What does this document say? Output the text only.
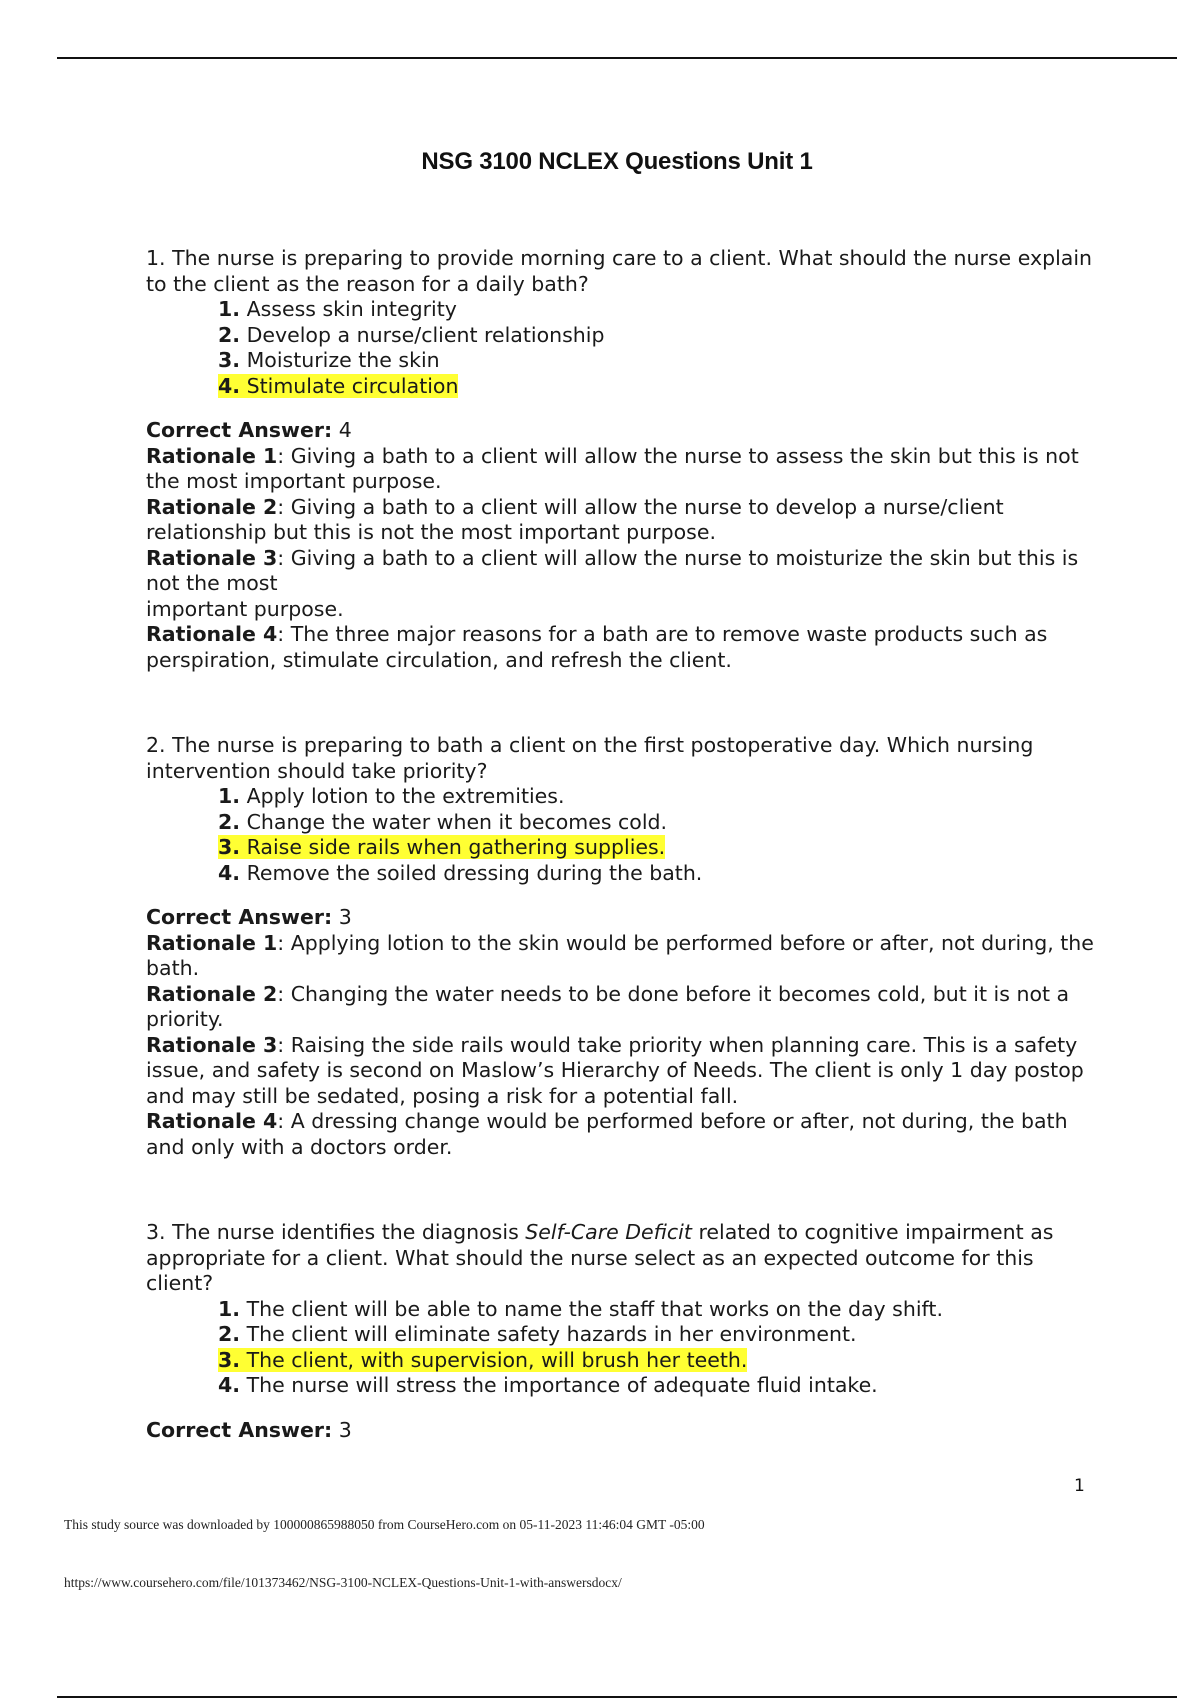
NSG 3100 NCLEX Questions Unit 1

1. The nurse is preparing to provide morning care to a client. What should the nurse explain to the client as the reason for a daily bath?

1. Assess skin integrity
2. Develop a nurse/client relationship
3. Moisturize the skin
4. Stimulate circulation

Correct Answer: 4

Rationale 1: Giving a bath to a client will allow the nurse to assess the skin but this is not the most important purpose.

Rationale 2: Giving a bath to a client will allow the nurse to develop a nurse/client relationship but this is not the most important purpose.

Rationale 3: Giving a bath to a client will allow the nurse to moisturize the skin but this is not the most
important purpose.

Rationale 4: The three major reasons for a bath are to remove waste products such as perspiration, stimulate circulation, and refresh the client.

2. The nurse is preparing to bath a client on the first postoperative day. Which nursing intervention should take priority?

1. Apply lotion to the extremities.
2. Change the water when it becomes cold.
3. Raise side rails when gathering supplies.
4. Remove the soiled dressing during the bath.

Correct Answer: 3

Rationale 1: Applying lotion to the skin would be performed before or after, not during, the bath.

Rationale 2: Changing the water needs to be done before it becomes cold, but it is not a priority.

Rationale 3: Raising the side rails would take priority when planning care. This is a safety issue, and safety is second on Maslow’s Hierarchy of Needs. The client is only 1 day postop and may still be sedated, posing a risk for a potential fall.

Rationale 4: A dressing change would be performed before or after, not during, the bath and only with a doctors order.

3. The nurse identifies the diagnosis Self-Care Deficit related to cognitive impairment as appropriate for a client. What should the nurse select as an expected outcome for this client?

1. The client will be able to name the staff that works on the day shift.
2. The client will eliminate safety hazards in her environment.
3. The client, with supervision, will brush her teeth.
4. The nurse will stress the importance of adequate fluid intake.

Correct Answer: 3

1
This study source was downloaded by 100000865988050 from CourseHero.com on 05-11-2023 11:46:04 GMT -05:00
https://www.coursehero.com/file/101373462/NSG-3100-NCLEX-Questions-Unit-1-with-answersdocx/
